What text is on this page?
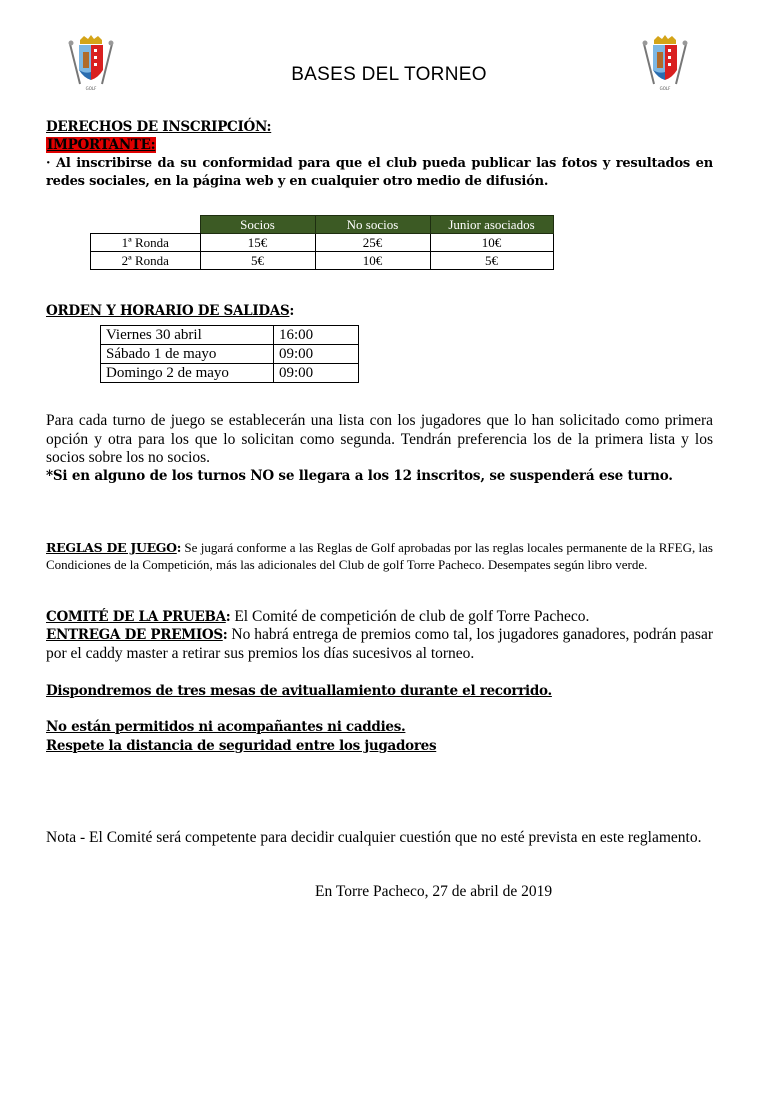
GOLF	GOLF
BASES DEL TORNEO
DERECHOS DE INSCRIPCIÓN:
IMPORTANTE:
· Al inscribirse da su conformidad para que el club pueda publicar las fotos y resultados en redes sociales, en la página web y en cualquier otro medio de difusión.
	Socios	No socios	Junior asociados
1ª Ronda	15€	25€	10€
2ª Ronda	5€	10€	5€
ORDEN Y HORARIO DE SALIDAS:
Viernes 30 abril	16:00
Sábado 1 de mayo	09:00
Domingo 2 de mayo	09:00
Para cada turno de juego se establecerán una lista con los jugadores que lo han solicitado como primera opción y otra para los que lo solicitan como segunda. Tendrán preferencia los de la primera lista y los socios sobre los no socios.
*Si en alguno de los turnos NO se llegara a los 12 inscritos, se suspenderá ese turno.
REGLAS DE JUEGO: Se jugará conforme a las Reglas de Golf aprobadas por las reglas locales permanente de la RFEG, las Condiciones de la Competición, más las adicionales del Club de golf Torre Pacheco. Desempates según libro verde.
COMITÉ DE LA PRUEBA: El Comité de competición de club de golf Torre Pacheco.
ENTREGA DE PREMIOS: No habrá entrega de premios como tal, los jugadores ganadores, podrán pasar por el caddy master a retirar sus premios los días sucesivos al torneo.
Dispondremos de tres mesas de avituallamiento durante el recorrido.
No están permitidos ni acompañantes ni caddies.
Respete la distancia de seguridad entre los jugadores
Nota - El Comité será competente para decidir cualquier cuestión que no esté prevista en este reglamento.
En Torre Pacheco, 27 de abril de 2019
